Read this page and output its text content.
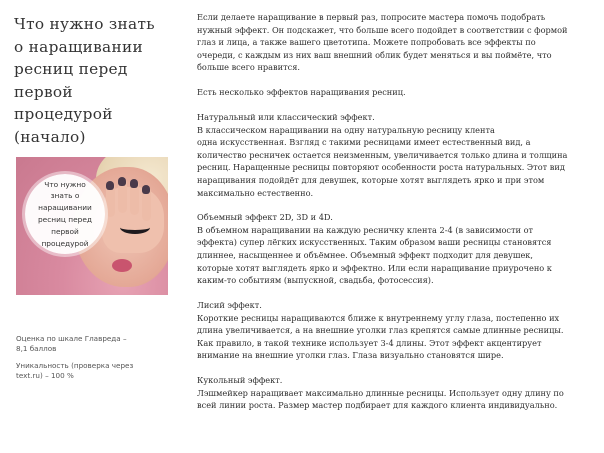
Что нужно знать
о наращивании
ресниц перед
первой
процедурой
(начало)
Что нужно
знать о
наращивании
ресниц перед
первой
процедурой
Оценка по шкале Главреда –
8,1 баллов
Уникальность (проверка через
text.ru) – 100 %

Если делаете наращивание в первый раз, попросите мастера помочь подобрать
нужный эффект. Он подскажет, что больше всего подойдет в соответствии с формой
глаз и лица, а также вашего цветотипа. Можете попробовать все эффекты по
очереди, с каждым из них ваш внешний облик будет меняться и вы поймёте, что
больше всего нравится.

Есть несколько эффектов наращивания ресниц.

Натуральный или классический эффект.
В классическом наращивании на одну натуральную ресницу клента
одна искусственная. Взгляд с такими ресницами имеет естественный вид, а
количество ресничек остается неизменным, увеличивается только длина и толщина
ресниц. Наращенные ресницы повторяют особенности роста натуральных. Этот вид
наращивания подойдёт для девушек, которые хотят выглядеть ярко и при этом
максимально естественно.

Объемный эффект 2D, 3D и 4D.
В объемном наращивании на каждую ресничку клента 2-4 (в зависимости от
эффекта) супер лёгких искусственных. Таким образом ваши ресницы становятся
длиннее, насыщеннее и объёмнее. Объемный эффект подходит для девушек,
которые хотят выглядеть ярко и эффектно. Или если наращивание приурочено к
каким-то событиям (выпускной, свадьба, фотосессия).

Лисий эффект.
Короткие ресницы наращиваются ближе к внутреннему углу глаза, постепенно их
длина увеличивается, а на внешние уголки глаз крепятся самые длинные ресницы.
Как правило, в такой технике использует 3-4 длины. Этот эффект акцентирует
внимание на внешние уголки глаз. Глаза визуально становятся шире.

Кукольный эффект.
Лэшмейкер наращивает максимально длинные ресницы. Использует одну длину по
всей линии роста. Размер мастер подбирает для каждого клиента индивидуально.
